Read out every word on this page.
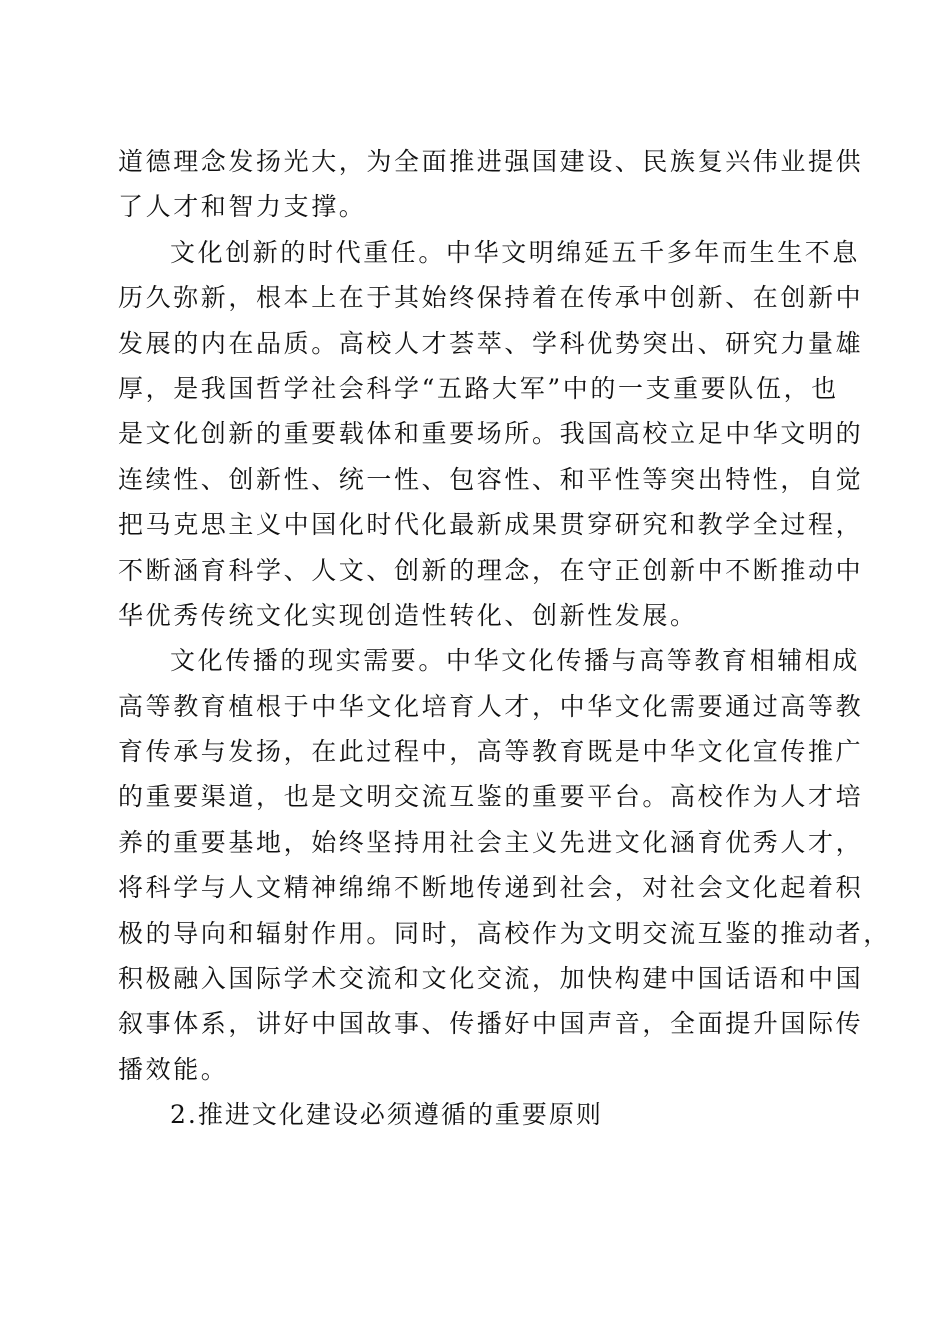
道德理念发扬光大，为全面推进强国建设、民族复兴伟业提供
了人才和智力支撑。
文化创新的时代重任。中华文明绵延五千多年而生生不息
历久弥新，根本上在于其始终保持着在传承中创新、在创新中
发展的内在品质。高校人才荟萃、学科优势突出、研究力量雄
厚，是我国哲学社会科学“五路大军”中的一支重要队伍，也
是文化创新的重要载体和重要场所。我国高校立足中华文明的
连续性、创新性、统一性、包容性、和平性等突出特性，自觉
把马克思主义中国化时代化最新成果贯穿研究和教学全过程，
不断涵育科学、人文、创新的理念，在守正创新中不断推动中
华优秀传统文化实现创造性转化、创新性发展。
文化传播的现实需要。中华文化传播与高等教育相辅相成
高等教育植根于中华文化培育人才，中华文化需要通过高等教
育传承与发扬，在此过程中，高等教育既是中华文化宣传推广
的重要渠道，也是文明交流互鉴的重要平台。高校作为人才培
养的重要基地，始终坚持用社会主义先进文化涵育优秀人才，
将科学与人文精神绵绵不断地传递到社会，对社会文化起着积
极的导向和辐射作用。同时，高校作为文明交流互鉴的推动者，
积极融入国际学术交流和文化交流，加快构建中国话语和中国
叙事体系，讲好中国故事、传播好中国声音，全面提升国际传
播效能。
2.推进文化建设必须遵循的重要原则
